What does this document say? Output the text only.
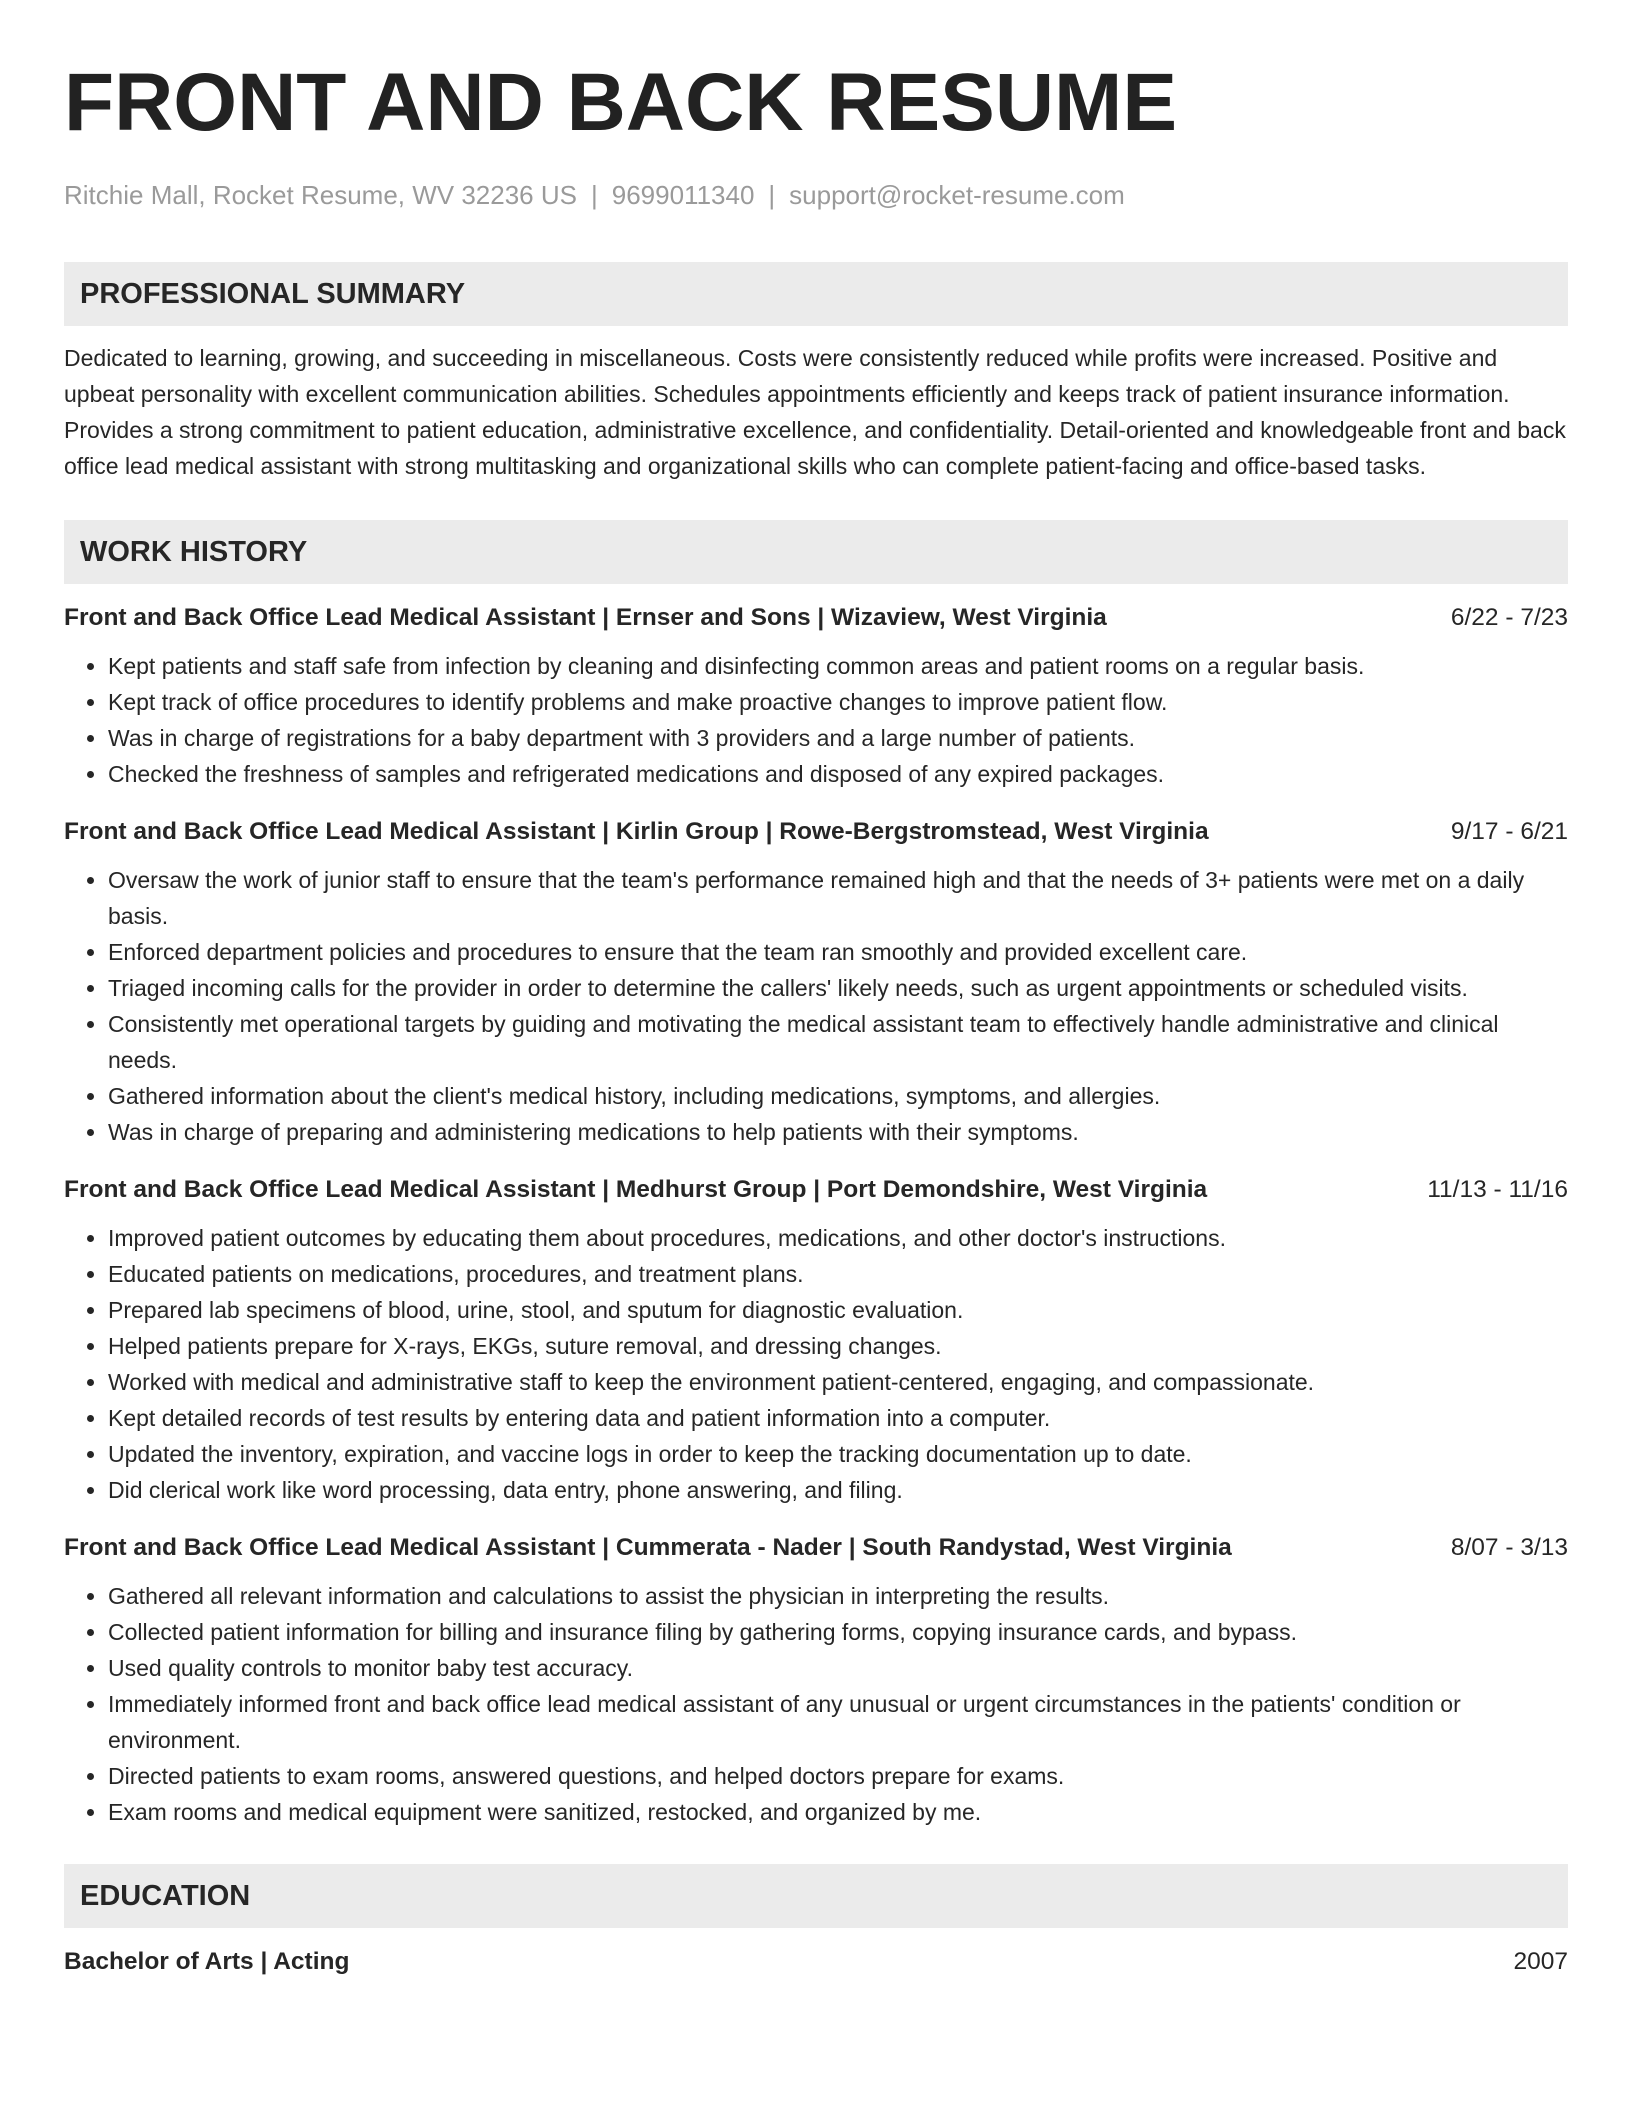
FRONT AND BACK RESUME
Ritchie Mall, Rocket Resume, WV 32236 US | 9699011340 | support@rocket-resume.com
PROFESSIONAL SUMMARY
Dedicated to learning, growing, and succeeding in miscellaneous. Costs were consistently reduced while profits were increased. Positive and upbeat personality with excellent communication abilities. Schedules appointments efficiently and keeps track of patient insurance information. Provides a strong commitment to patient education, administrative excellence, and confidentiality. Detail-oriented and knowledgeable front and back office lead medical assistant with strong multitasking and organizational skills who can complete patient-facing and office-based tasks.
WORK HISTORY
Front and Back Office Lead Medical Assistant | Ernser and Sons | Wizaview, West Virginia	6/22 - 7/23
• Kept patients and staff safe from infection by cleaning and disinfecting common areas and patient rooms on a regular basis.
• Kept track of office procedures to identify problems and make proactive changes to improve patient flow.
• Was in charge of registrations for a baby department with 3 providers and a large number of patients.
• Checked the freshness of samples and refrigerated medications and disposed of any expired packages.
Front and Back Office Lead Medical Assistant | Kirlin Group | Rowe-Bergstromstead, West Virginia	9/17 - 6/21
• Oversaw the work of junior staff to ensure that the team's performance remained high and that the needs of 3+ patients were met on a daily basis.
• Enforced department policies and procedures to ensure that the team ran smoothly and provided excellent care.
• Triaged incoming calls for the provider in order to determine the callers' likely needs, such as urgent appointments or scheduled visits.
• Consistently met operational targets by guiding and motivating the medical assistant team to effectively handle administrative and clinical needs.
• Gathered information about the client's medical history, including medications, symptoms, and allergies.
• Was in charge of preparing and administering medications to help patients with their symptoms.
Front and Back Office Lead Medical Assistant | Medhurst Group | Port Demondshire, West Virginia	11/13 - 11/16
• Improved patient outcomes by educating them about procedures, medications, and other doctor's instructions.
• Educated patients on medications, procedures, and treatment plans.
• Prepared lab specimens of blood, urine, stool, and sputum for diagnostic evaluation.
• Helped patients prepare for X-rays, EKGs, suture removal, and dressing changes.
• Worked with medical and administrative staff to keep the environment patient-centered, engaging, and compassionate.
• Kept detailed records of test results by entering data and patient information into a computer.
• Updated the inventory, expiration, and vaccine logs in order to keep the tracking documentation up to date.
• Did clerical work like word processing, data entry, phone answering, and filing.
Front and Back Office Lead Medical Assistant | Cummerata - Nader | South Randystad, West Virginia	8/07 - 3/13
• Gathered all relevant information and calculations to assist the physician in interpreting the results.
• Collected patient information for billing and insurance filing by gathering forms, copying insurance cards, and bypass.
• Used quality controls to monitor baby test accuracy.
• Immediately informed front and back office lead medical assistant of any unusual or urgent circumstances in the patients' condition or environment.
• Directed patients to exam rooms, answered questions, and helped doctors prepare for exams.
• Exam rooms and medical equipment were sanitized, restocked, and organized by me.
EDUCATION
Bachelor of Arts | Acting	2007
